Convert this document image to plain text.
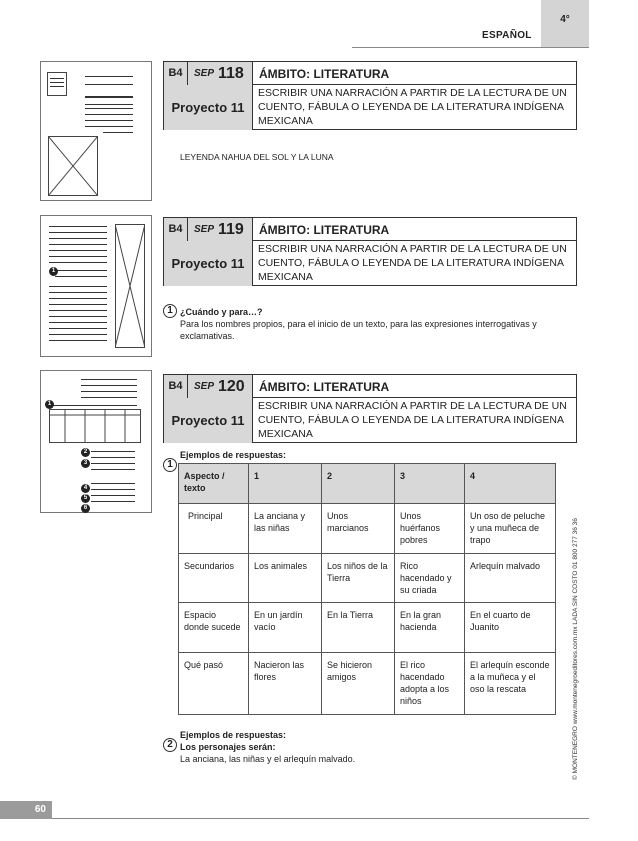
ESPAÑOL
4°
1
1
2
3
4
5
6
B4	SEP 118 ÁMBITO: LITERATURA
Proyecto 11
ESCRIBIR UNA NARRACIÓN A PARTIR DE LA LECTURA DE UN CUENTO, FÁBULA O LEYENDA DE LA LITERATURA INDÍGENA MEXICANA
LEYENDA NAHUA DEL SOL Y LA LUNA
B4	SEP 119 ÁMBITO: LITERATURA
Proyecto 11
ESCRIBIR UNA NARRACIÓN A PARTIR DE LA LECTURA DE UN CUENTO, FÁBULA O LEYENDA DE LA LITERATURA INDÍGENA MEXICANA
1 ¿Cuándo y para…?
Para los nombres propios, para el inicio de un texto, para las expresiones interrogativas y exclamativas.
B4	SEP 120 ÁMBITO: LITERATURA
Proyecto 11
ESCRIBIR UNA NARRACIÓN A PARTIR DE LA LECTURA DE UN CUENTO, FÁBULA O LEYENDA DE LA LITERATURA INDÍGENA MEXICANA
Ejemplos de respuestas:
1
Aspecto / texto	1	2	3	4
Principal	La anciana y las niñas	Unos marcianos	Unos huérfanos pobres	Un oso de peluche y una muñeca de trapo
Secundarios	Los animales	Los niños de la Tierra	Rico hacendado y su criada	Arlequín malvado
Espacio donde sucede	En un jardín vacío	En la Tierra	En la gran hacienda	En el cuarto de Juanito
Qué pasó	Nacieron las flores	Se hicieron amigos	El rico hacendado adopta a los niños	El arlequín esconde a la muñeca y el oso la rescata
Ejemplos de respuestas:
2 Los personajes serán:
La anciana, las niñas y el arlequín malvado.
60
© MONTENEGRO www.montenegroeditores.com.mx LADA SIN COSTO 01 800 277 36 36
